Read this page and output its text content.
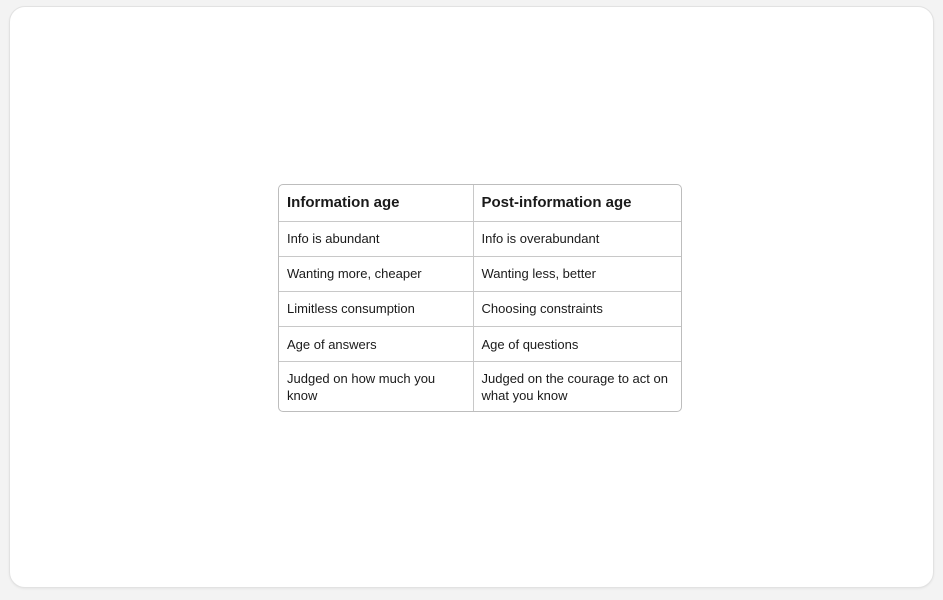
Information age	Post-information age
Info is abundant	Info is overabundant
Wanting more, cheaper	Wanting less, better
Limitless consumption	Choosing constraints
Age of answers	Age of questions
Judged on how much you know	Judged on the courage to act on what you know
